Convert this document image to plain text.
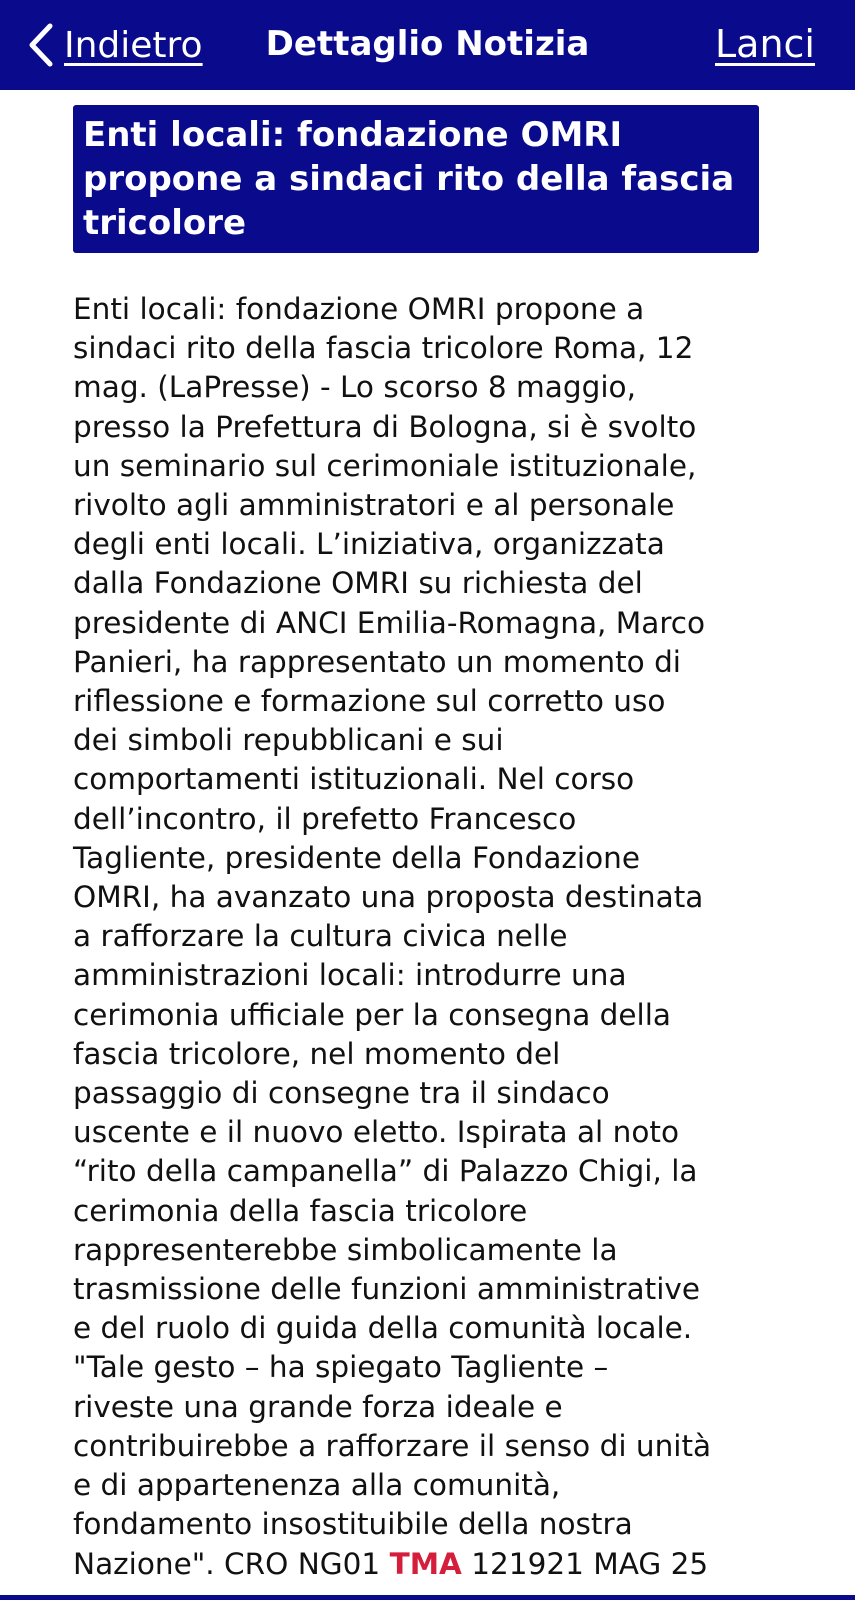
Indietro	Dettaglio Notizia	Lanci
Enti locali: fondazione OMRI propone a sindaci rito della fascia tricolore
Enti locali: fondazione OMRI propone a
sindaci rito della fascia tricolore Roma, 12
mag. (LaPresse) - Lo scorso 8 maggio,
presso la Prefettura di Bologna, si è svolto
un seminario sul cerimoniale istituzionale,
rivolto agli amministratori e al personale
degli enti locali. L’iniziativa, organizzata
dalla Fondazione OMRI su richiesta del
presidente di ANCI Emilia-Romagna, Marco
Panieri, ha rappresentato un momento di
riflessione e formazione sul corretto uso
dei simboli repubblicani e sui
comportamenti istituzionali. Nel corso
dell’incontro, il prefetto Francesco
Tagliente, presidente della Fondazione
OMRI, ha avanzato una proposta destinata
a rafforzare la cultura civica nelle
amministrazioni locali: introdurre una
cerimonia ufficiale per la consegna della
fascia tricolore, nel momento del
passaggio di consegne tra il sindaco
uscente e il nuovo eletto. Ispirata al noto
“rito della campanella” di Palazzo Chigi, la
cerimonia della fascia tricolore
rappresenterebbe simbolicamente la
trasmissione delle funzioni amministrative
e del ruolo di guida della comunità locale.
"Tale gesto – ha spiegato Tagliente –
riveste una grande forza ideale e
contribuirebbe a rafforzare il senso di unità
e di appartenenza alla comunità,
fondamento insostituibile della nostra
Nazione". CRO NG01 TMA 121921 MAG 25
